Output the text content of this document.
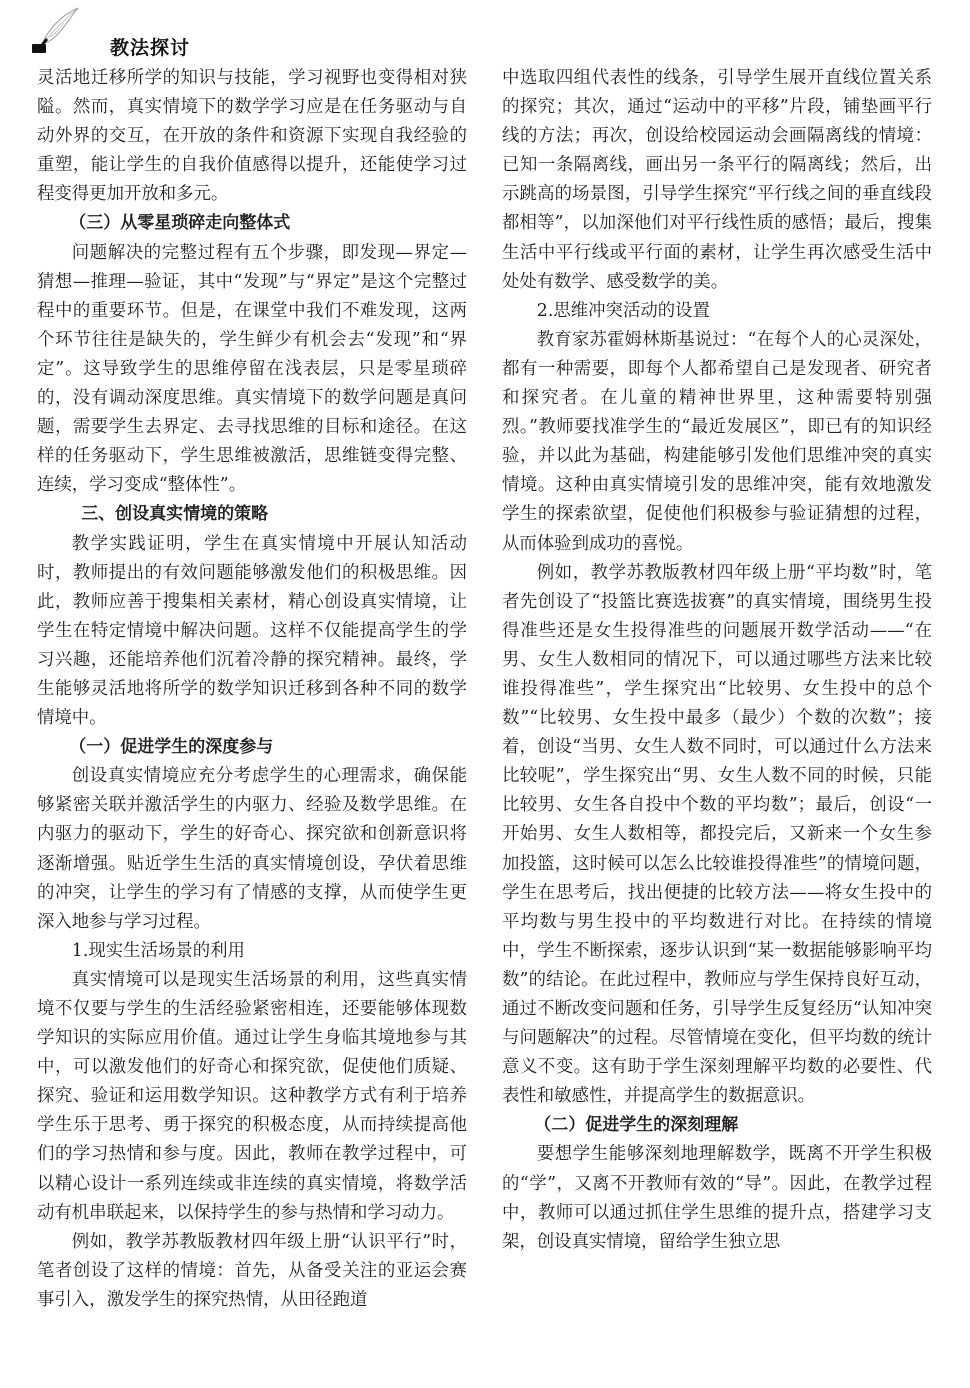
教法探讨

灵活地迁移所学的知识与技能，学习视野也变得相对狭隘。然而，真实情境下的数学学习应是在任务驱动与自动外界的交互，在开放的条件和资源下实现自我经验的重塑，能让学生的自我价值感得以提升，还能使学习过程变得更加开放和多元。

（三）从零星琐碎走向整体式

问题解决的完整过程有五个步骤，即发现—界定—猜想—推理—验证，其中“发现”与“界定”是这个完整过程中的重要环节。但是，在课堂中我们不难发现，这两个环节往往是缺失的，学生鲜少有机会去“发现”和“界定”。这导致学生的思维停留在浅表层，只是零星琐碎的，没有调动深度思维。真实情境下的数学问题是真问题，需要学生去界定、去寻找思维的目标和途径。在这样的任务驱动下，学生思维被激活，思维链变得完整、连续，学习变成“整体性”。

三、创设真实情境的策略

教学实践证明，学生在真实情境中开展认知活动时，教师提出的有效问题能够激发他们的积极思维。因此，教师应善于搜集相关素材，精心创设真实情境，让学生在特定情境中解决问题。这样不仅能提高学生的学习兴趣，还能培养他们沉着冷静的探究精神。最终，学生能够灵活地将所学的数学知识迁移到各种不同的数学情境中。

（一）促进学生的深度参与

创设真实情境应充分考虑学生的心理需求，确保能够紧密关联并激活学生的内驱力、经验及数学思维。在内驱力的驱动下，学生的好奇心、探究欲和创新意识将逐渐增强。贴近学生生活的真实情境创设，孕伏着思维的冲突，让学生的学习有了情感的支撑，从而使学生更深入地参与学习过程。

1.现实生活场景的利用

真实情境可以是现实生活场景的利用，这些真实情境不仅要与学生的生活经验紧密相连，还要能够体现数学知识的实际应用价值。通过让学生身临其境地参与其中，可以激发他们的好奇心和探究欲，促使他们质疑、探究、验证和运用数学知识。这种教学方式有利于培养学生乐于思考、勇于探究的积极态度，从而持续提高他们的学习热情和参与度。因此，教师在教学过程中，可以精心设计一系列连续或非连续的真实情境，将数学活动有机串联起来，以保持学生的参与热情和学习动力。

例如，教学苏教版教材四年级上册“认识平行”时，笔者创设了这样的情境：首先，从备受关注的亚运会赛事引入，激发学生的探究热情，从田径跑道

中选取四组代表性的线条，引导学生展开直线位置关系的探究；其次，通过“运动中的平移”片段，铺垫画平行线的方法；再次，创设给校园运动会画隔离线的情境：已知一条隔离线，画出另一条平行的隔离线；然后，出示跳高的场景图，引导学生探究“平行线之间的垂直线段都相等”，以加深他们对平行线性质的感悟；最后，搜集生活中平行线或平行面的素材，让学生再次感受生活中处处有数学、感受数学的美。

2.思维冲突活动的设置

教育家苏霍姆林斯基说过：“在每个人的心灵深处，都有一种需要，即每个人都希望自己是发现者、研究者和探究者。在儿童的精神世界里，这种需要特别强烈。”教师要找准学生的“最近发展区”，即已有的知识经验，并以此为基础，构建能够引发他们思维冲突的真实情境。这种由真实情境引发的思维冲突，能有效地激发学生的探索欲望，促使他们积极参与验证猜想的过程，从而体验到成功的喜悦。

例如，教学苏教版教材四年级上册“平均数”时，笔者先创设了“投篮比赛选拔赛”的真实情境，围绕男生投得准些还是女生投得准些的问题展开数学活动——“在男、女生人数相同的情况下，可以通过哪些方法来比较谁投得准些”，学生探究出“比较男、女生投中的总个数”“比较男、女生投中最多（最少）个数的次数”；接着，创设“当男、女生人数不同时，可以通过什么方法来比较呢”，学生探究出“男、女生人数不同的时候，只能比较男、女生各自投中个数的平均数”；最后，创设“一开始男、女生人数相等，都投完后，又新来一个女生参加投篮，这时候可以怎么比较谁投得准些”的情境问题，学生在思考后，找出便捷的比较方法——将女生投中的平均数与男生投中的平均数进行对比。在持续的情境中，学生不断探索，逐步认识到“某一数据能够影响平均数”的结论。在此过程中，教师应与学生保持良好互动，通过不断改变问题和任务，引导学生反复经历“认知冲突与问题解决”的过程。尽管情境在变化，但平均数的统计意义不变。这有助于学生深刻理解平均数的必要性、代表性和敏感性，并提高学生的数据意识。

（二）促进学生的深刻理解

要想学生能够深刻地理解数学，既离不开学生积极的“学”，又离不开教师有效的“导”。因此，在教学过程中，教师可以通过抓住学生思维的提升点，搭建学习支架，创设真实情境，留给学生独立思
